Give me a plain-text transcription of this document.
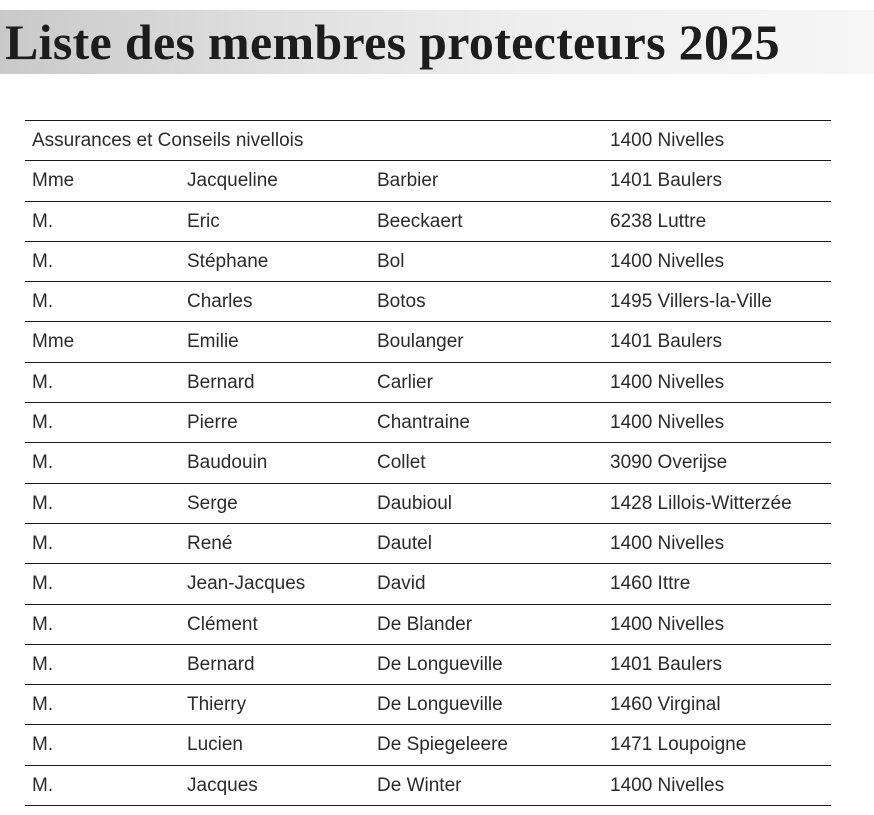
Liste des membres protecteurs 2025
Assurances et Conseils nivellois	1400 Nivelles
Mme	Jacqueline	Barbier	1401 Baulers
M.	Eric	Beeckaert	6238 Luttre
M.	Stéphane	Bol	1400 Nivelles
M.	Charles	Botos	1495 Villers-la-Ville
Mme	Emilie	Boulanger	1401 Baulers
M.	Bernard	Carlier	1400 Nivelles
M.	Pierre	Chantraine	1400 Nivelles
M.	Baudouin	Collet	3090 Overijse
M.	Serge	Daubioul	1428 Lillois-Witterzée
M.	René	Dautel	1400 Nivelles
M.	Jean-Jacques	David	1460 Ittre
M.	Clément	De Blander	1400 Nivelles
M.	Bernard	De Longueville	1401 Baulers
M.	Thierry	De Longueville	1460 Virginal
M.	Lucien	De Spiegeleere	1471 Loupoigne
M.	Jacques	De Winter	1400 Nivelles
